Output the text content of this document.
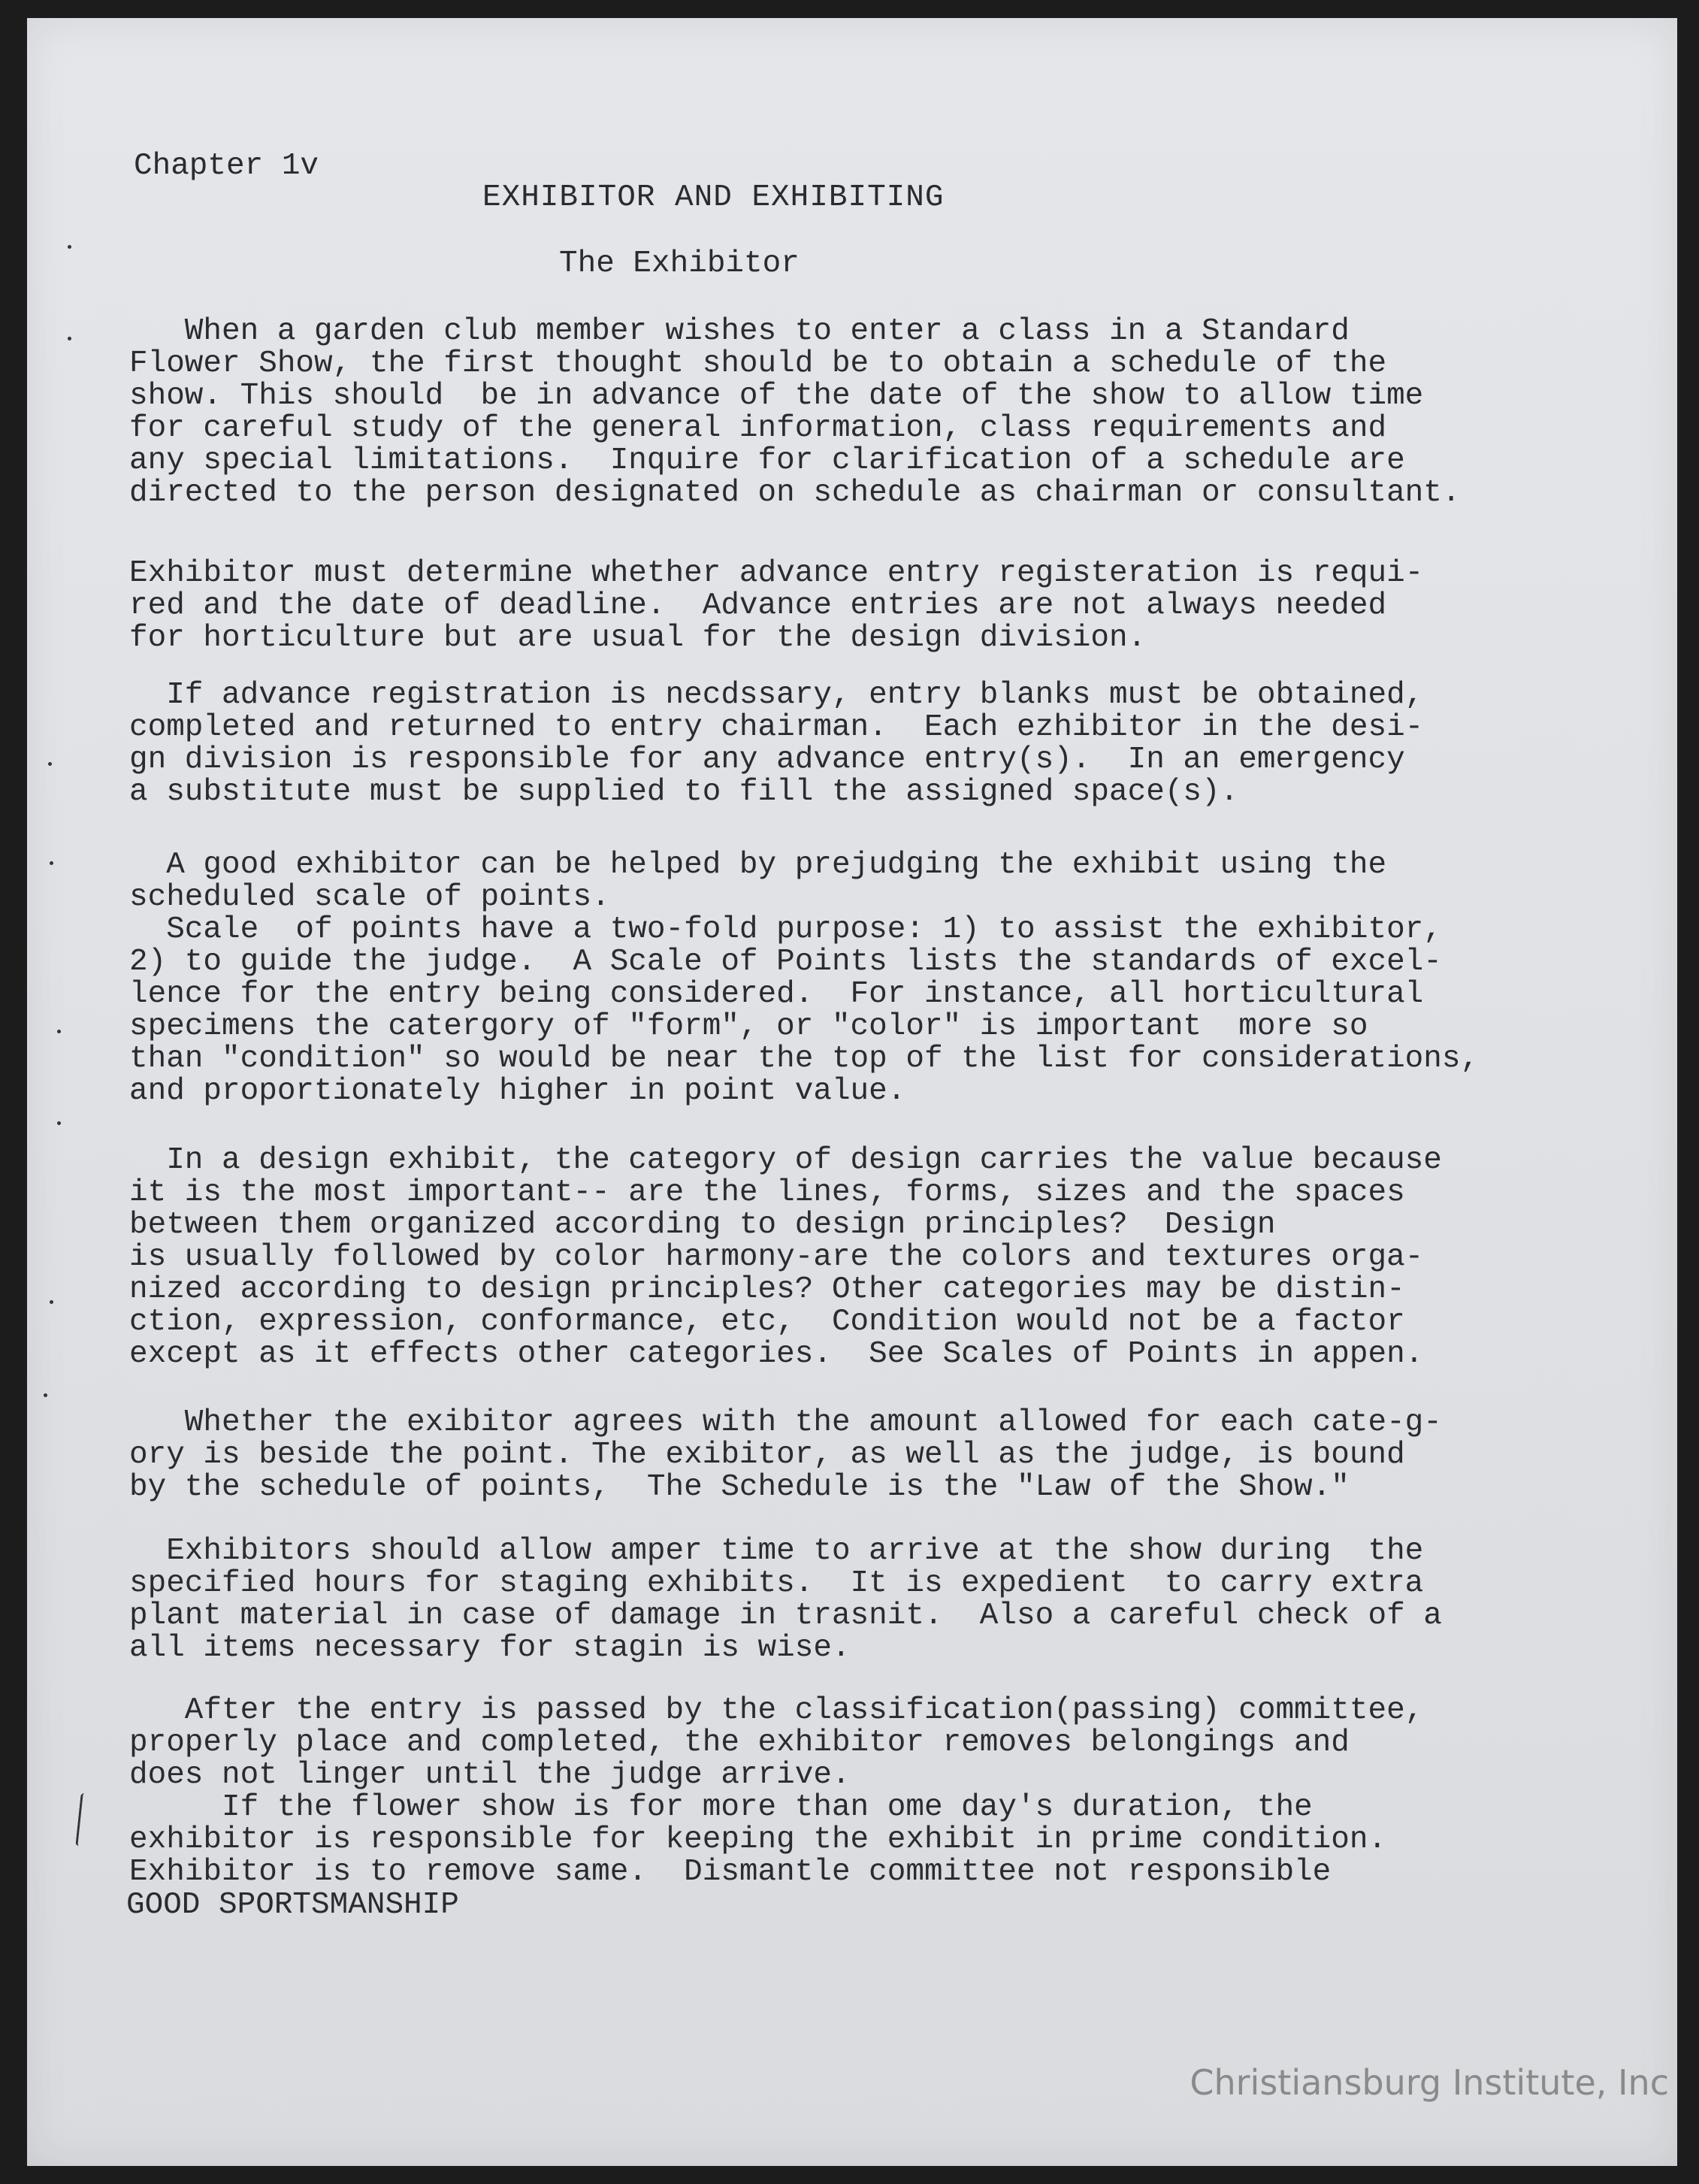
Chapter 1v
EXHIBITOR AND EXHIBITING
The Exhibitor
When a garden club member wishes to enter a class in a Standard
Flower Show, the first thought should be to obtain a schedule of the
show. This should  be in advance of the date of the show to allow time
for careful study of the general information, class requirements and
any special limitations.  Inquire for clarification of a schedule are
directed to the person designated on schedule as chairman or consultant.
Exhibitor must determine whether advance entry registeration is requi-
red and the date of deadline.  Advance entries are not always needed
for horticulture but are usual for the design division.
If advance registration is necdssary, entry blanks must be obtained,
completed and returned to entry chairman.  Each ezhibitor in the desi-
gn division is responsible for any advance entry(s).  In an emergency
a substitute must be supplied to fill the assigned space(s).
A good exhibitor can be helped by prejudging the exhibit using the
scheduled scale of points.
Scale  of points have a two-fold purpose: 1) to assist the exhibitor,
2) to guide the judge.  A Scale of Points lists the standards of excel-
lence for the entry being considered.  For instance, all horticultural
specimens the catergory of "form", or "color" is important  more so
than "condition" so would be near the top of the list for considerations,
and proportionately higher in point value.
In a design exhibit, the category of design carries the value because
it is the most important-- are the lines, forms, sizes and the spaces
between them organized according to design principles?  Design
is usually followed by color harmony-are the colors and textures orga-
nized according to design principles? Other categories may be distin-
ction, expression, conformance, etc,  Condition would not be a factor
except as it effects other categories.  See Scales of Points in appen.
Whether the exibitor agrees with the amount allowed for each cate-g-
ory is beside the point. The exibitor, as well as the judge, is bound
by the schedule of points,  The Schedule is the "Law of the Show."
Exhibitors should allow amper time to arrive at the show during  the
specified hours for staging exhibits.  It is expedient  to carry extra
plant material in case of damage in trasnit.  Also a careful check of a
all items necessary for stagin is wise.
After the entry is passed by the classification(passing) committee,
properly place and completed, the exhibitor removes belongings and
does not linger until the judge arrive.
If the flower show is for more than ome day's duration, the
exhibitor is responsible for keeping the exhibit in prime condition.
Exhibitor is to remove same.  Dismantle committee not responsible
GOOD SPORTSMANSHIP

Christiansburg Institute, Inc
